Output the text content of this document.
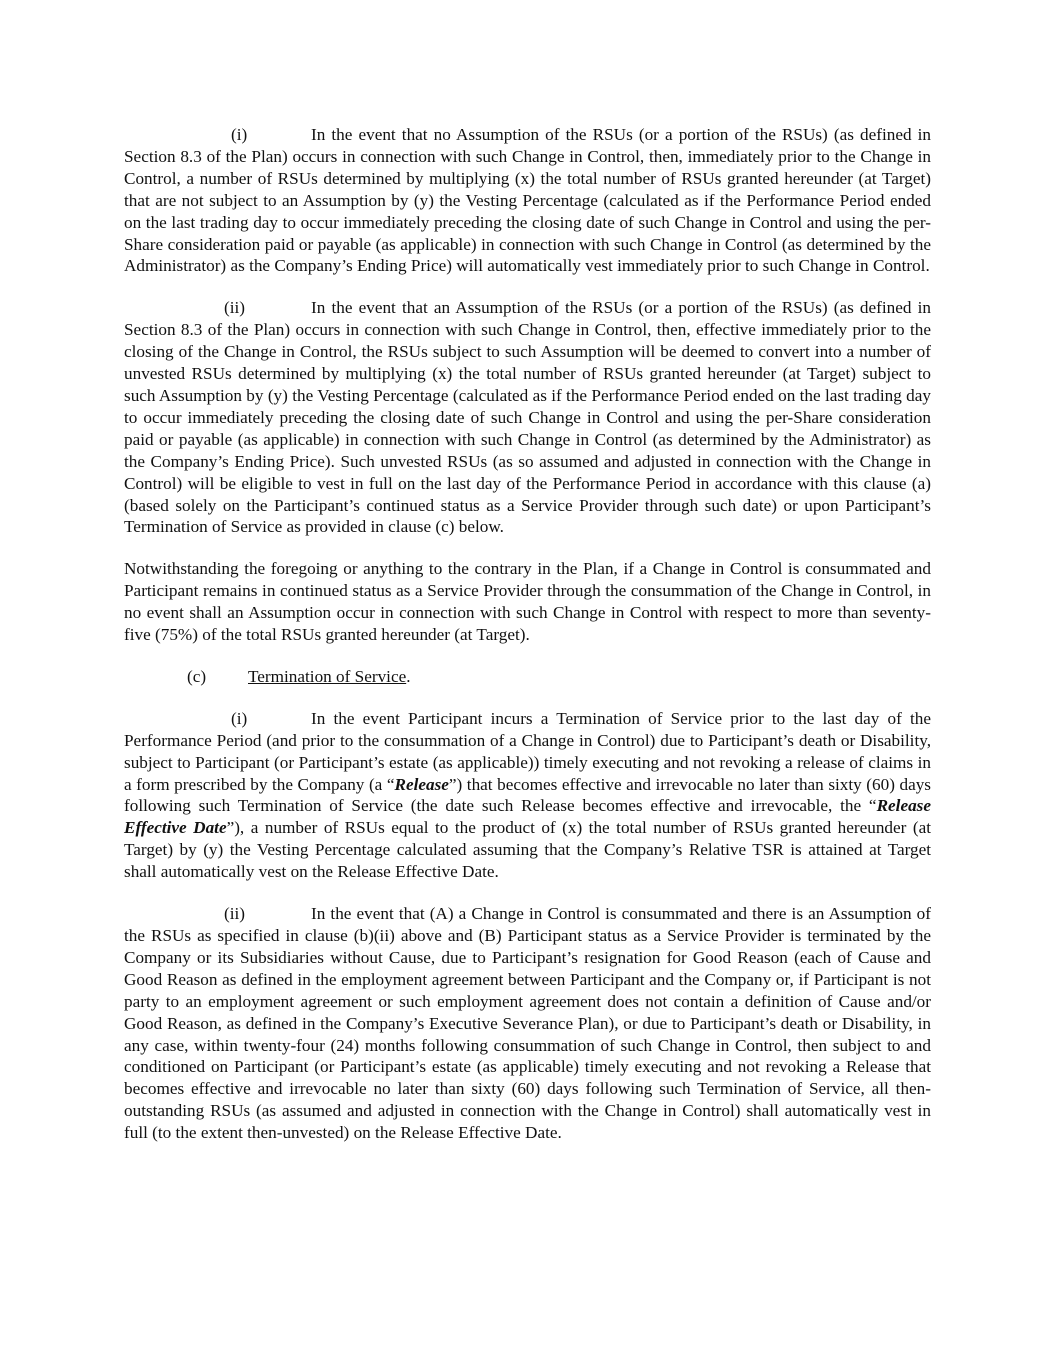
(i)	In the event that no Assumption of the RSUs (or a portion of the RSUs) (as defined in Section 8.3 of the Plan) occurs in connection with such Change in Control, then, immediately prior to the Change in Control, a number of RSUs determined by multiplying (x) the total number of RSUs granted hereunder (at Target) that are not subject to an Assumption by (y) the Vesting Percentage (calculated as if the Performance Period ended on the last trading day to occur immediately preceding the closing date of such Change in Control and using the per-Share consideration paid or payable (as applicable) in connection with such Change in Control (as determined by the Administrator) as the Company’s Ending Price) will automatically vest immediately prior to such Change in Control.

(ii)	In the event that an Assumption of the RSUs (or a portion of the RSUs) (as defined in Section 8.3 of the Plan) occurs in connection with such Change in Control, then, effective immediately prior to the closing of the Change in Control, the RSUs subject to such Assumption will be deemed to convert into a number of unvested RSUs determined by multiplying (x) the total number of RSUs granted hereunder (at Target) subject to such Assumption by (y) the Vesting Percentage (calculated as if the Performance Period ended on the last trading day to occur immediately preceding the closing date of such Change in Control and using the per-Share consideration paid or payable (as applicable) in connection with such Change in Control (as determined by the Administrator) as the Company’s Ending Price). Such unvested RSUs (as so assumed and adjusted in connection with the Change in Control) will be eligible to vest in full on the last day of the Performance Period in accordance with this clause (a) (based solely on the Participant’s continued status as a Service Provider through such date) or upon Participant’s Termination of Service as provided in clause (c) below.

Notwithstanding the foregoing or anything to the contrary in the Plan, if a Change in Control is consummated and Participant remains in continued status as a Service Provider through the consummation of the Change in Control, in no event shall an Assumption occur in connection with such Change in Control with respect to more than seventy-five (75%) of the total RSUs granted hereunder (at Target).

(c) Termination of Service.

(i)	In the event Participant incurs a Termination of Service prior to the last day of the Performance Period (and prior to the consummation of a Change in Control) due to Participant’s death or Disability, subject to Participant (or Participant’s estate (as applicable)) timely executing and not revoking a release of claims in a form prescribed by the Company (a “Release”) that becomes effective and irrevocable no later than sixty (60) days following such Termination of Service (the date such Release becomes effective and irrevocable, the “Release Effective Date”), a number of RSUs equal to the product of (x) the total number of RSUs granted hereunder (at Target) by (y) the Vesting Percentage calculated assuming that the Company’s Relative TSR is attained at Target shall automatically vest on the Release Effective Date.

(ii)	In the event that (A) a Change in Control is consummated and there is an Assumption of the RSUs as specified in clause (b)(ii) above and (B) Participant status as a Service Provider is terminated by the Company or its Subsidiaries without Cause, due to Participant’s resignation for Good Reason (each of Cause and Good Reason as defined in the employment agreement between Participant and the Company or, if Participant is not party to an employment agreement or such employment agreement does not contain a definition of Cause and/or Good Reason, as defined in the Company’s Executive Severance Plan), or due to Participant’s death or Disability, in any case, within twenty-four (24) months following consummation of such Change in Control, then subject to and conditioned on Participant (or Participant’s estate (as applicable) timely executing and not revoking a Release that becomes effective and irrevocable no later than sixty (60) days following such Termination of Service, all then-outstanding RSUs (as assumed and adjusted in connection with the Change in Control) shall automatically vest in full (to the extent then-unvested) on the Release Effective Date.
